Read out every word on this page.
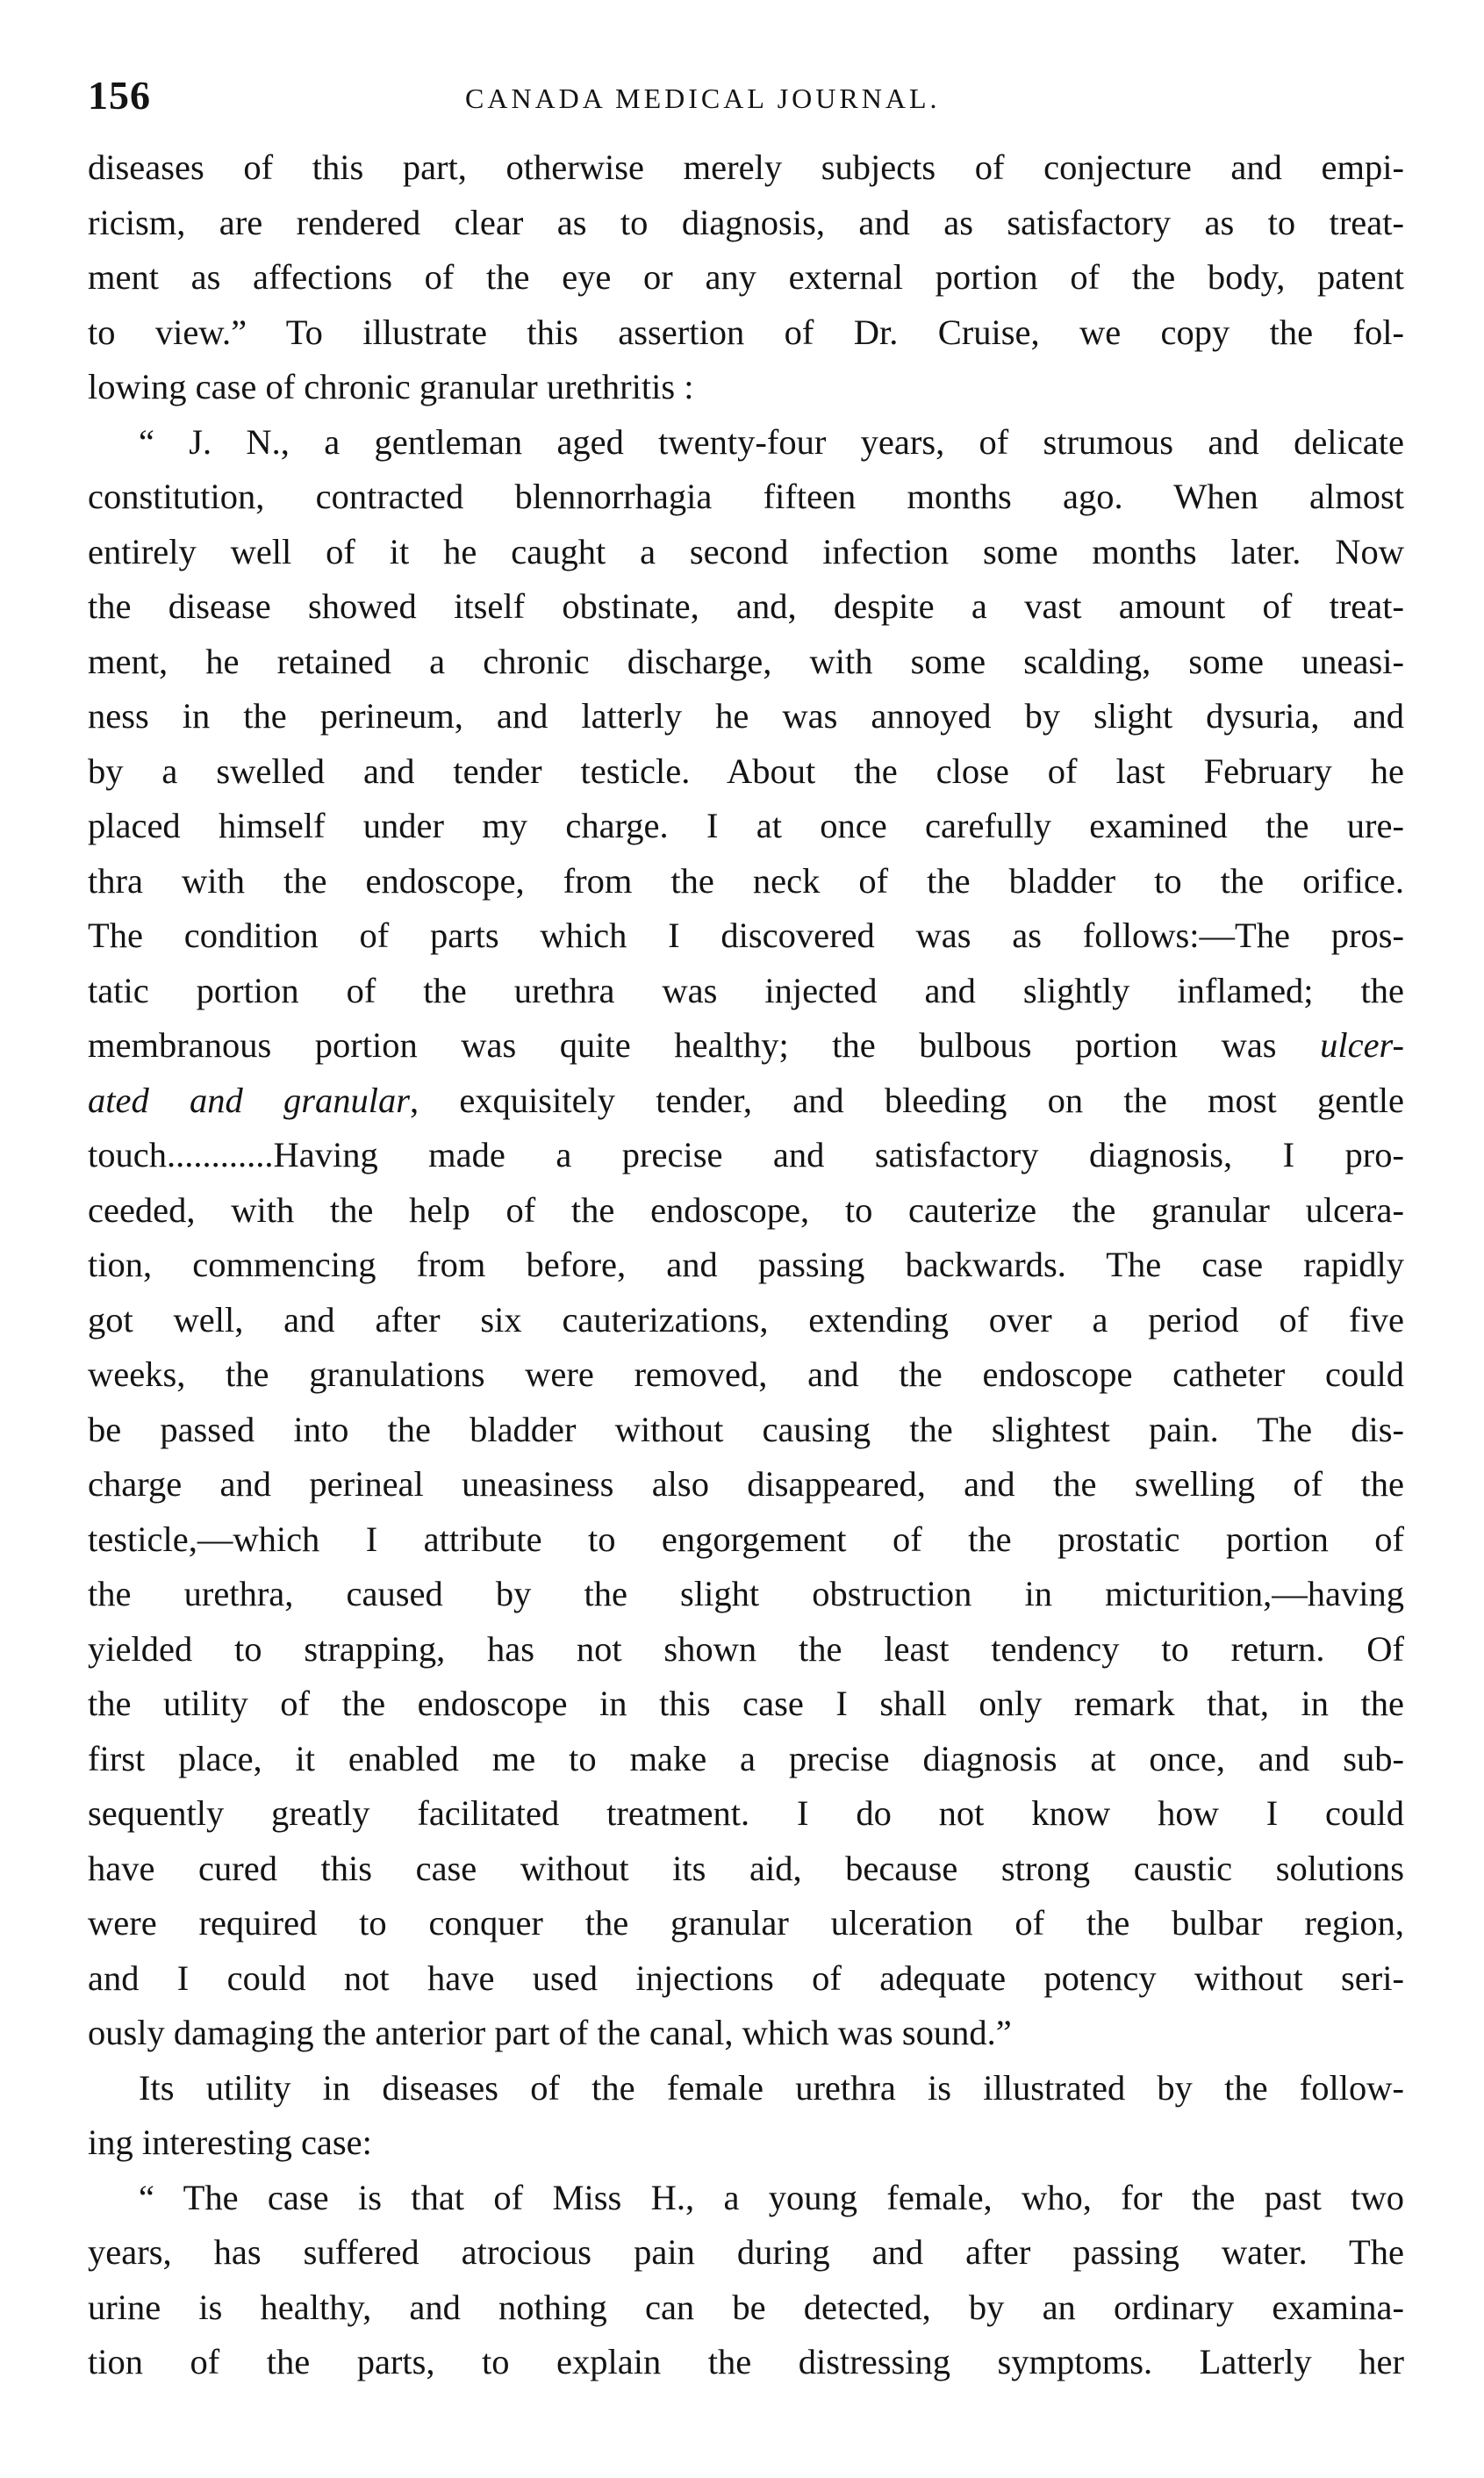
156	CANADA MEDICAL JOURNAL.
diseases of this part, otherwise merely subjects of conjecture and empi-
ricism, are rendered clear as to diagnosis, and as satisfactory as to treat-
ment as affections of the eye or any external portion of the body, patent
to view.” To illustrate this assertion of Dr. Cruise, we copy the fol-
lowing case of chronic granular urethritis :
“ J. N., a gentleman aged twenty-four years, of strumous and delicate
constitution, contracted blennorrhagia fifteen months ago. When almost
entirely well of it he caught a second infection some months later. Now
the disease showed itself obstinate, and, despite a vast amount of treat-
ment, he retained a chronic discharge, with some scalding, some uneasi-
ness in the perineum, and latterly he was annoyed by slight dysuria, and
by a swelled and tender testicle. About the close of last February he
placed himself under my charge. I at once carefully examined the ure-
thra with the endoscope, from the neck of the bladder to the orifice.
The condition of parts which I discovered was as follows:—The pros-
tatic portion of the urethra was injected and slightly inflamed; the
membranous portion was quite healthy; the bulbous portion was ulcer-
ated and granular, exquisitely tender, and bleeding on the most gentle
touch............Having made a precise and satisfactory diagnosis, I pro-
ceeded, with the help of the endoscope, to cauterize the granular ulcera-
tion, commencing from before, and passing backwards. The case rapidly
got well, and after six cauterizations, extending over a period of five
weeks, the granulations were removed, and the endoscope catheter could
be passed into the bladder without causing the slightest pain. The dis-
charge and perineal uneasiness also disappeared, and the swelling of the
testicle,—which I attribute to engorgement of the prostatic portion of
the urethra, caused by the slight obstruction in micturition,—having
yielded to strapping, has not shown the least tendency to return. Of
the utility of the endoscope in this case I shall only remark that, in the
first place, it enabled me to make a precise diagnosis at once, and sub-
sequently greatly facilitated treatment. I do not know how I could
have cured this case without its aid, because strong caustic solutions
were required to conquer the granular ulceration of the bulbar region,
and I could not have used injections of adequate potency without seri-
ously damaging the anterior part of the canal, which was sound.”
Its utility in diseases of the female urethra is illustrated by the follow-
ing interesting case:
“ The case is that of Miss H., a young female, who, for the past two
years, has suffered atrocious pain during and after passing water. The
urine is healthy, and nothing can be detected, by an ordinary examina-
tion of the parts, to explain the distressing symptoms. Latterly her
